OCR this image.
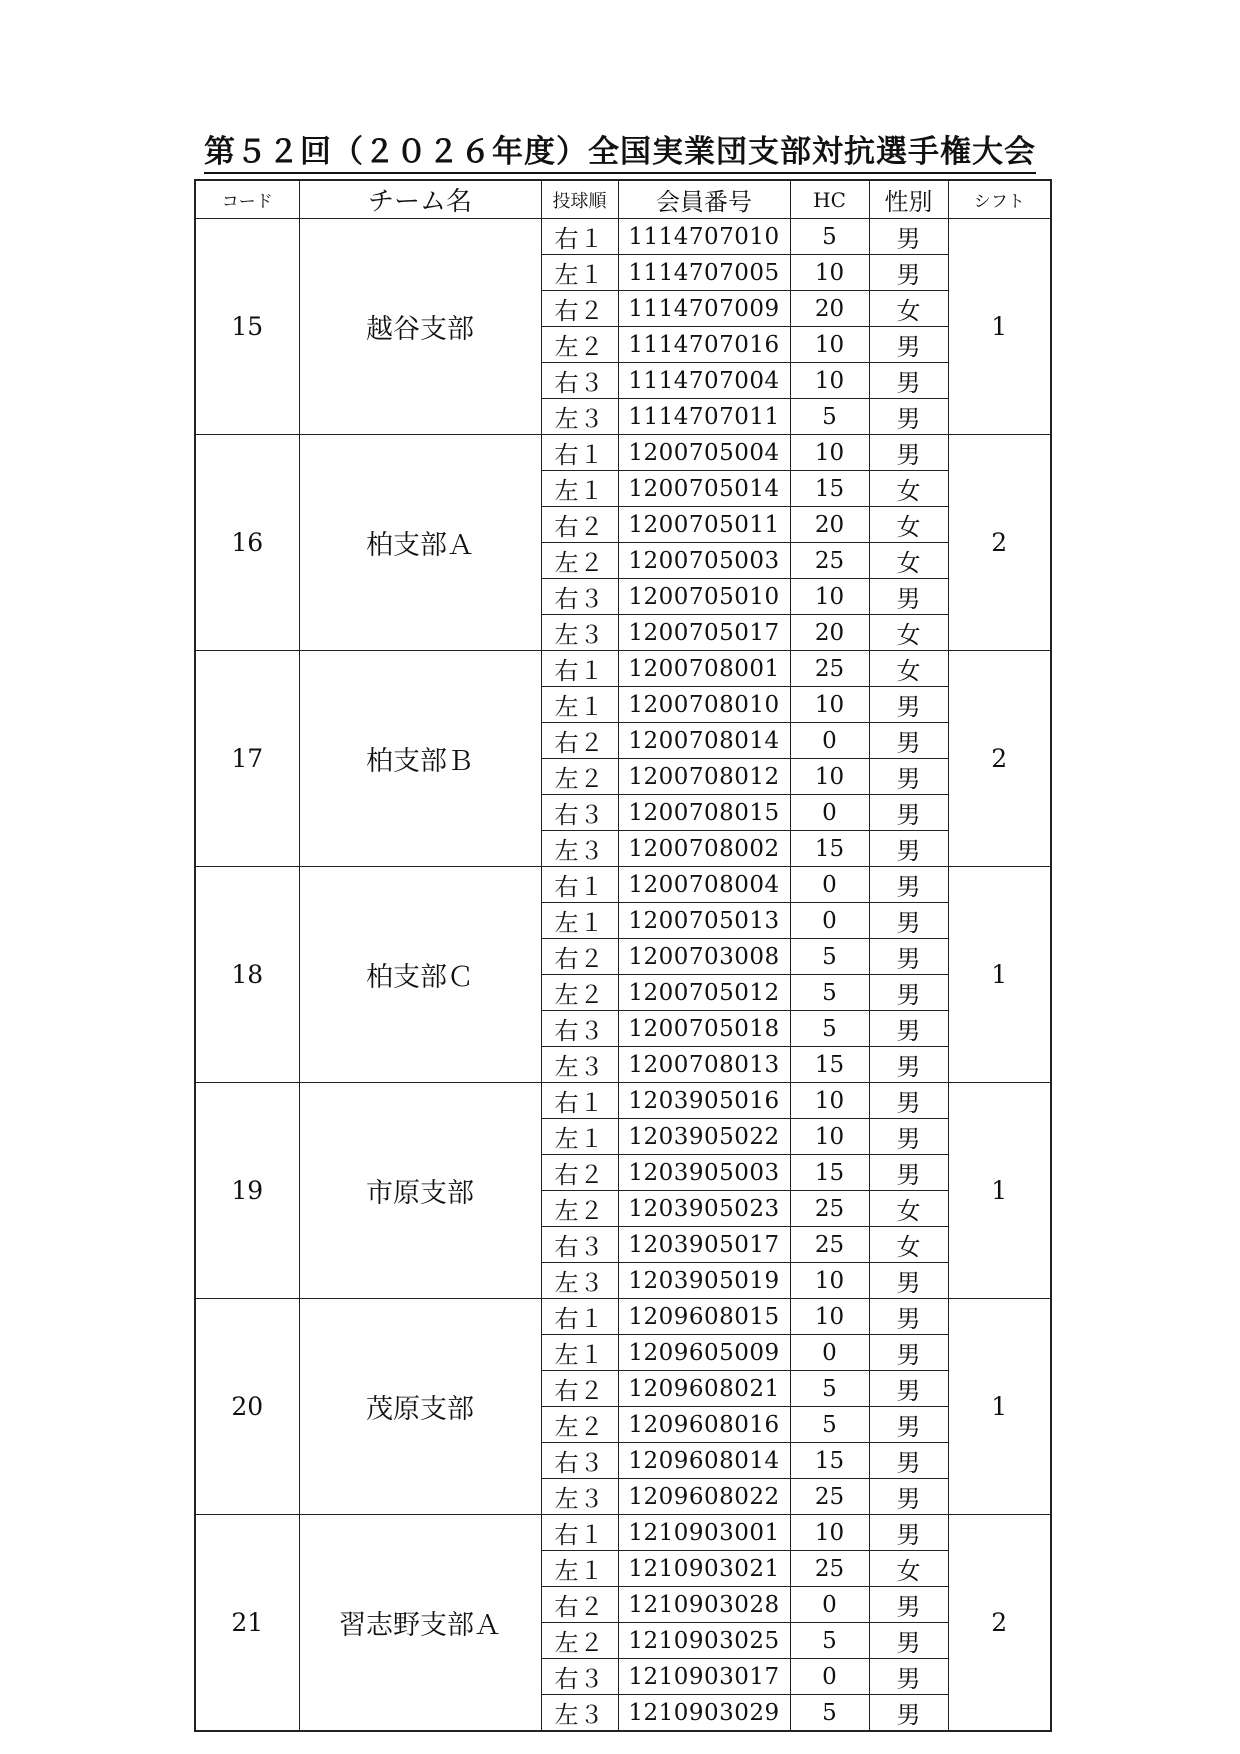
第５２回（２０２６年度）全国実業団支部対抗選手権大会
コード	チーム名	投球順	会員番号	HC	性別	シフト
15	越谷支部	右１	1114707010	5	男	1
		左１	1114707005	10	男	
		右２	1114707009	20	女	
		左２	1114707016	10	男	
		右３	1114707004	10	男	
		左３	1114707011	5	男	
16	柏支部Ａ	右１	1200705004	10	男	2
		左１	1200705014	15	女	
		右２	1200705011	20	女	
		左２	1200705003	25	女	
		右３	1200705010	10	男	
		左３	1200705017	20	女	
17	柏支部Ｂ	右１	1200708001	25	女	2
		左１	1200708010	10	男	
		右２	1200708014	0	男	
		左２	1200708012	10	男	
		右３	1200708015	0	男	
		左３	1200708002	15	男	
18	柏支部Ｃ	右１	1200708004	0	男	1
		左１	1200705013	0	男	
		右２	1200703008	5	男	
		左２	1200705012	5	男	
		右３	1200705018	5	男	
		左３	1200708013	15	男	
19	市原支部	右１	1203905016	10	男	1
		左１	1203905022	10	男	
		右２	1203905003	15	男	
		左２	1203905023	25	女	
		右３	1203905017	25	女	
		左３	1203905019	10	男	
20	茂原支部	右１	1209608015	10	男	1
		左１	1209605009	0	男	
		右２	1209608021	5	男	
		左２	1209608016	5	男	
		右３	1209608014	15	男	
		左３	1209608022	25	男	
21	習志野支部Ａ	右１	1210903001	10	男	2
		左１	1210903021	25	女	
		右２	1210903028	0	男	
		左２	1210903025	5	男	
		右３	1210903017	0	男	
		左３	1210903029	5	男	
